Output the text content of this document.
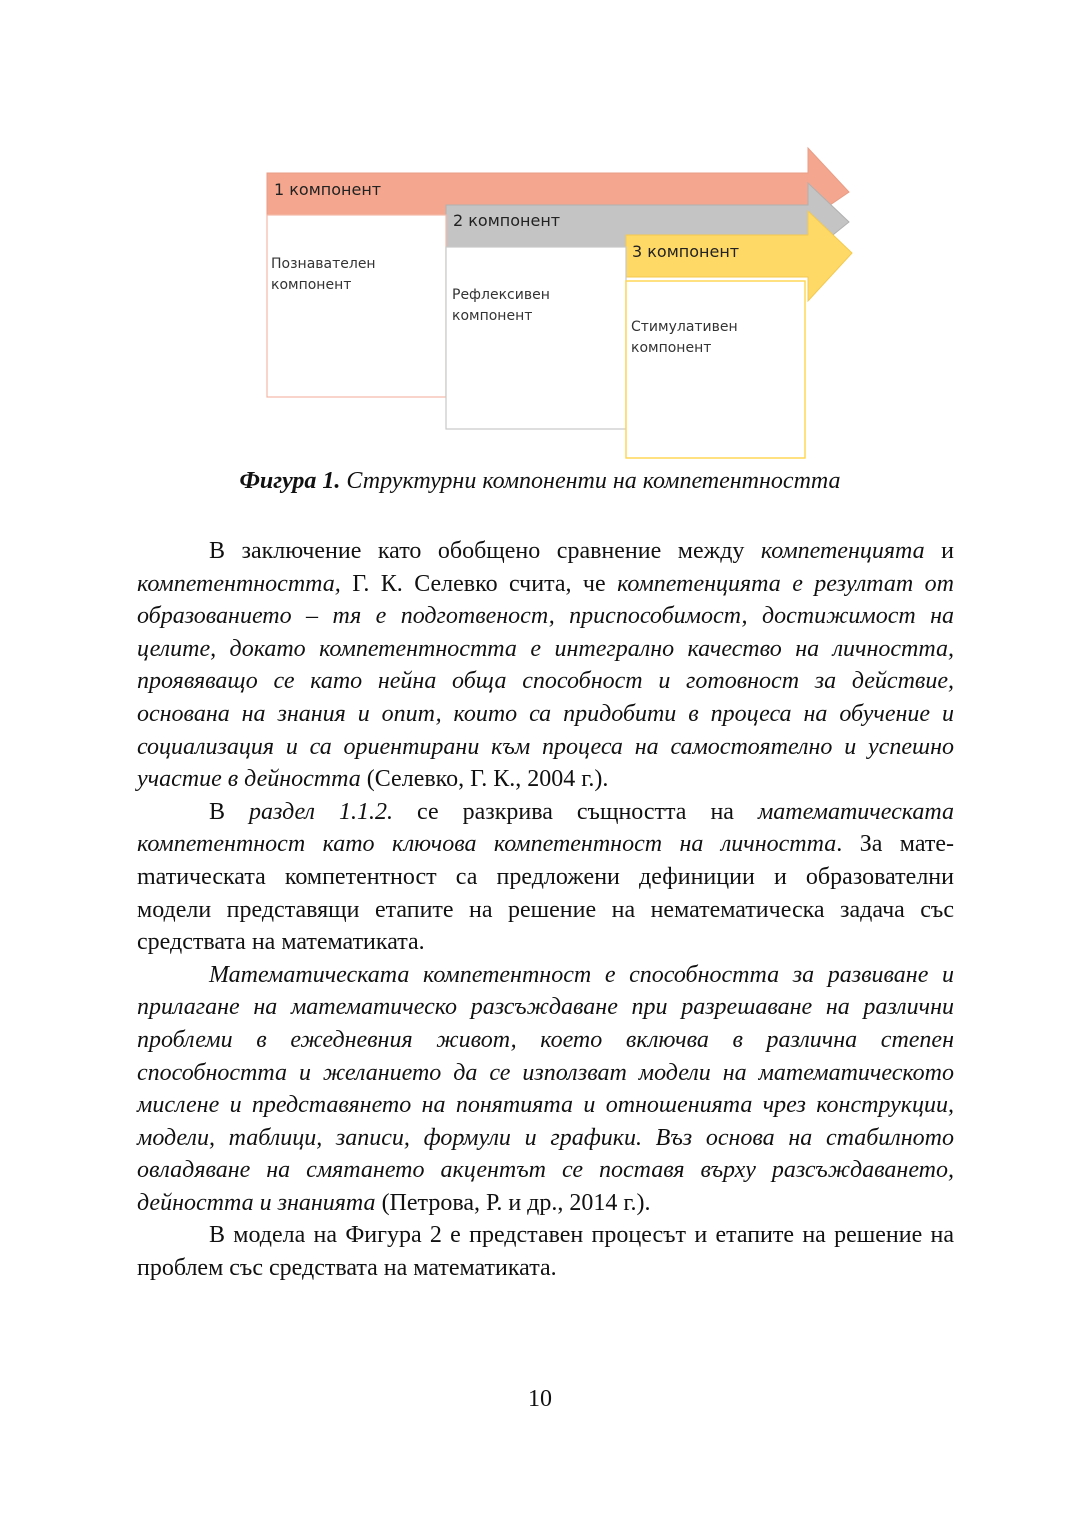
1 компонент
2 компонент
3 компонент
Познавателен
компонент
Рефлексивен
компонент
Стимулативен
компонент

Фигура 1. Структурни компоненти на компетентността

В заключение като обобщено сравнение между компетенцията и компетентността, Г. К. Селевко счита, че компетенцията е резултат от образованието – тя е подготвеност, приспособимост, достижимост на целите, докато компетентността е интегрално качество на личността, проявяващо се като нейна обща способност и готовност за действие, основана на знания и опит, които са придобити в процеса на обучение и социализация и са ориентирани към процеса на самостоятелно и успешно участие в дейността (Селевко, Г. К., 2004 г.).

В раздел 1.1.2. се разкрива същността на математическата компетентност като ключова компетентност на личността. За матеmатическата компетентност са предложени дефиниции и образователни модели представящи етапите на решение на нематематическа задача със средствата на математиката.

Математическата компетентност е способността за развиване и прилагане на математическо разсъждаване при разрешаване на различни проблеми в ежедневния живот, което включва в различна степен способността и желанието да се използват модели на математическото мислене и представянето на понятията и отношенията чрез конструкции, модели, таблици, записи, формули и графики. Въз основа на стабилното овладяване на смятането акцентът се поставя върху разсъждаването, дейността и знанията (Петрова, Р. и др., 2014 г.).

В модела на Фигура 2 е представен процесът и етапите на решение на проблем със средствата на математиката.

10
